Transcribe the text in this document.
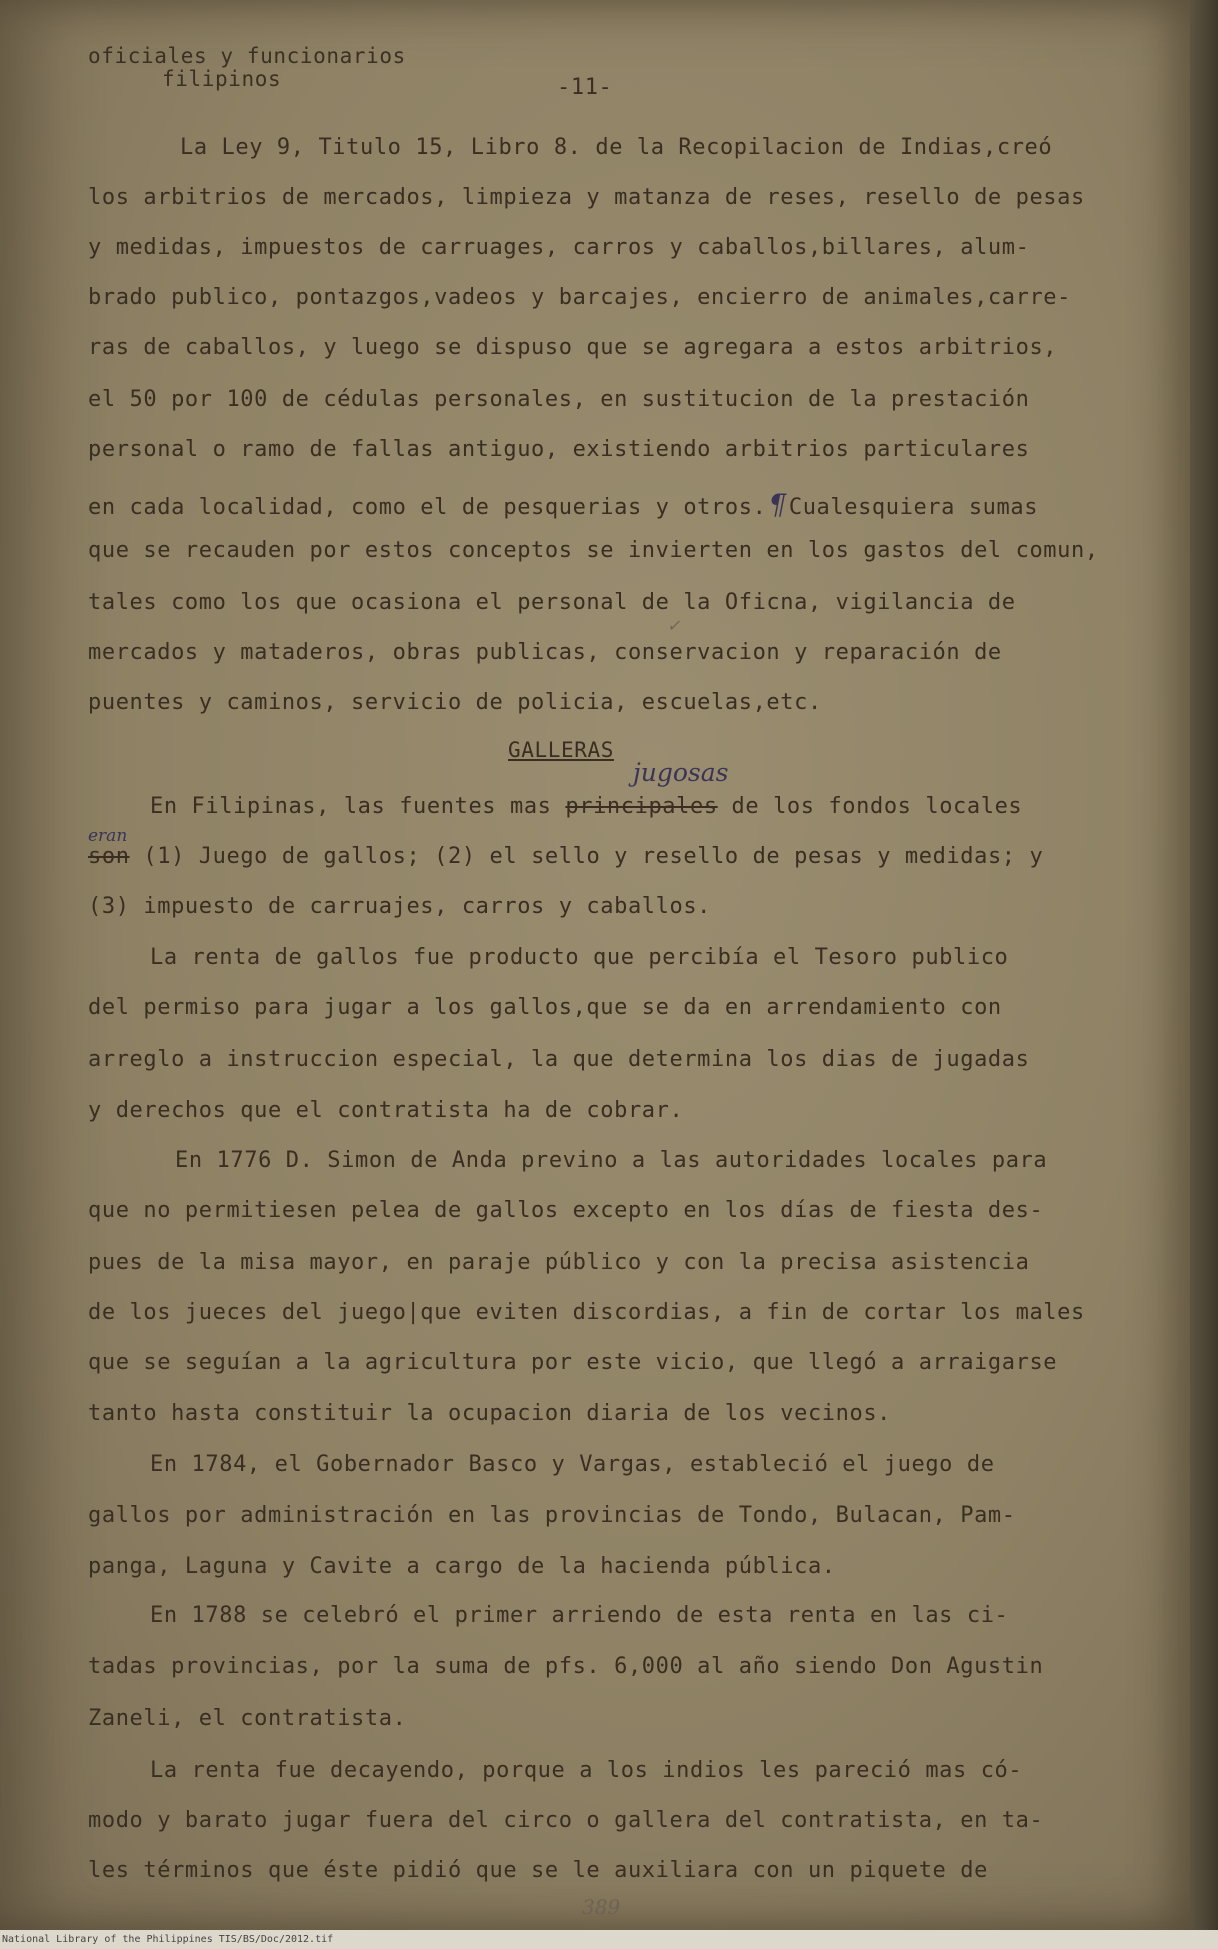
oficiales y funcionarios
filipinos	-11-
La Ley 9, Titulo 15, Libro 8. de la Recopilacion de Indias,creó
los arbitrios de mercados, limpieza y matanza de reses, resello de pesas
y medidas, impuestos de carruages, carros y caballos,billares, alum-
brado publico, pontazgos,vadeos y barcajes, encierro de animales,carre-
ras de caballos, y luego se dispuso que se agregara a estos arbitrios,
el 50 por 100 de cédulas personales, en sustitucion de la prestación
personal o ramo de fallas antiguo, existiendo arbitrios particulares
en cada localidad, como el de pesquerias y otros.¶Cualesquiera sumas
que se recauden por estos conceptos se invierten en los gastos del comun,
tales como los que ocasiona el personal de la Oficna, vigilancia de
mercados y mataderos, obras publicas, conservacion y reparación de
✓
puentes y caminos, servicio de policia, escuelas,etc.
GALLERAS
jugosas
En Filipinas, las fuentes mas principales de los fondos locales
eran
son (1) Juego de gallos; (2) el sello y resello de pesas y medidas; y
(3) impuesto de carruajes, carros y caballos.
La renta de gallos fue producto que percibía el Tesoro publico
del permiso para jugar a los gallos,que se da en arrendamiento con
arreglo a instruccion especial, la que determina los dias de jugadas
y derechos que el contratista ha de cobrar.
En 1776 D. Simon de Anda previno a las autoridades locales para
que no permitiesen pelea de gallos excepto en los días de fiesta des-
pues de la misa mayor, en paraje público y con la precisa asistencia
de los jueces del juego|que eviten discordias, a fin de cortar los males
que se seguían a la agricultura por este vicio, que llegó a arraigarse
tanto hasta constituir la ocupacion diaria de los vecinos.
En 1784, el Gobernador Basco y Vargas, estableció el juego de
gallos por administración en las provincias de Tondo, Bulacan, Pam-
panga, Laguna y Cavite a cargo de la hacienda pública.
En 1788 se celebró el primer arriendo de esta renta en las ci-
tadas provincias, por la suma de pfs. 6,000 al año siendo Don Agustin
Zaneli, el contratista.
La renta fue decayendo, porque a los indios les pareció mas có-
modo y barato jugar fuera del circo o gallera del contratista, en ta-
les términos que éste pidió que se le auxiliara con un piquete de
389
National Library of the Philippines TIS/BS/Doc/2012.tif
